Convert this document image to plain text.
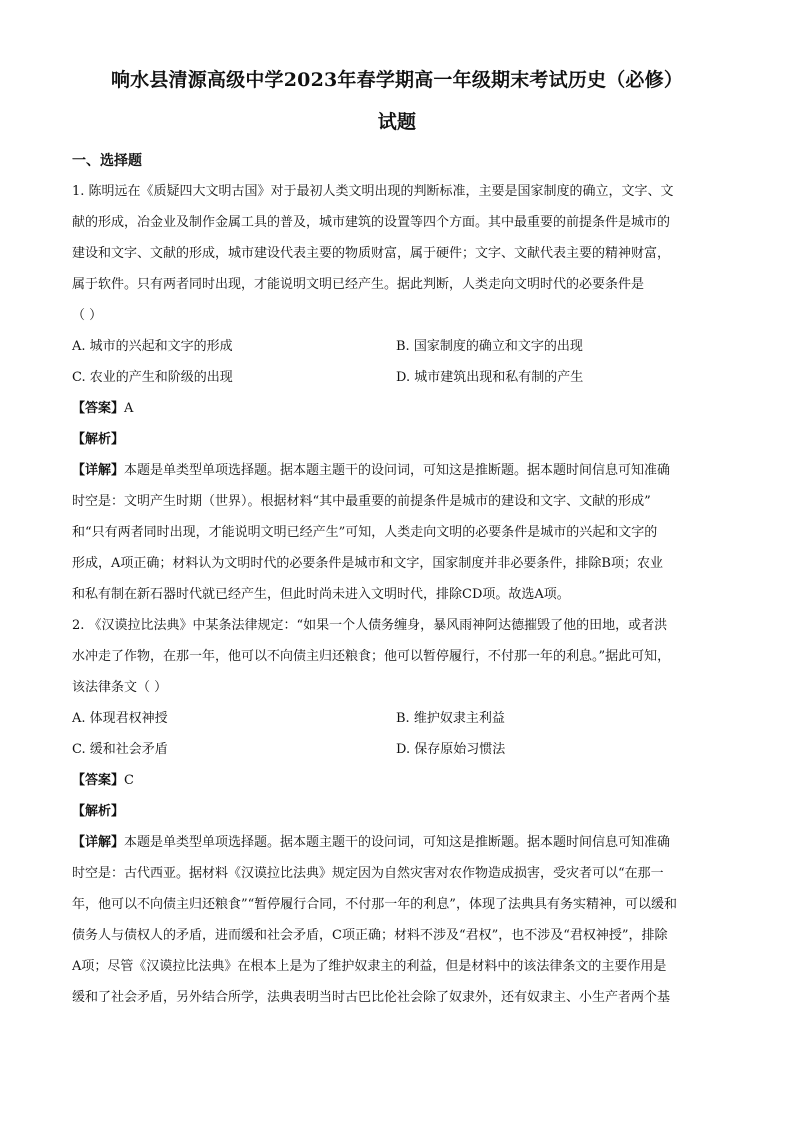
响水县清源高级中学2023年春学期高一年级期末考试历史（必修）
试题

一、选择题

1. 陈明远在《质疑四大文明古国》对于最初人类文明出现的判断标准，主要是国家制度的确立，文字、文
献的形成，冶金业及制作金属工具的普及，城市建筑的设置等四个方面。其中最重要的前提条件是城市的
建设和文字、文献的形成，城市建设代表主要的物质财富，属于硬件；文字、文献代表主要的精神财富，
属于软件。只有两者同时出现，才能说明文明已经产生。据此判断，人类走向文明时代的必要条件是
（ ）

A. 城市的兴起和文字的形成	B. 国家制度的确立和文字的出现
C. 农业的产生和阶级的出现	D. 城市建筑出现和私有制的产生

【答案】A

【解析】

【详解】本题是单类型单项选择题。据本题主题干的设问词，可知这是推断题。据本题时间信息可知准确
时空是：文明产生时期（世界）。根据材料“其中最重要的前提条件是城市的建设和文字、文献的形成”
和“只有两者同时出现，才能说明文明已经产生”可知，人类走向文明的必要条件是城市的兴起和文字的
形成，A项正确；材料认为文明时代的必要条件是城市和文字，国家制度并非必要条件，排除B项；农业
和私有制在新石器时代就已经产生，但此时尚未进入文明时代，排除CD项。故选A项。

2. 《汉谟拉比法典》中某条法律规定：“如果一个人债务缠身，暴风雨神阿达德摧毁了他的田地，或者洪
水冲走了作物，在那一年，他可以不向债主归还粮食；他可以暂停履行，不付那一年的利息。”据此可知，
该法律条文（ ）

A. 体现君权神授	B. 维护奴隶主利益
C. 缓和社会矛盾	D. 保存原始习惯法

【答案】C

【解析】

【详解】本题是单类型单项选择题。据本题主题干的设问词，可知这是推断题。据本题时间信息可知准确
时空是：古代西亚。据材料《汉谟拉比法典》规定因为自然灾害对农作物造成损害，受灾者可以“在那一
年，他可以不向债主归还粮食”“暂停履行合同，不付那一年的利息”，体现了法典具有务实精神，可以缓和
债务人与债权人的矛盾，进而缓和社会矛盾，C项正确；材料不涉及“君权”，也不涉及“君权神授”，排除
A项；尽管《汉谟拉比法典》在根本上是为了维护奴隶主的利益，但是材料中的该法律条文的主要作用是
缓和了社会矛盾，另外结合所学，法典表明当时古巴比伦社会除了奴隶外，还有奴隶主、小生产者两个基
